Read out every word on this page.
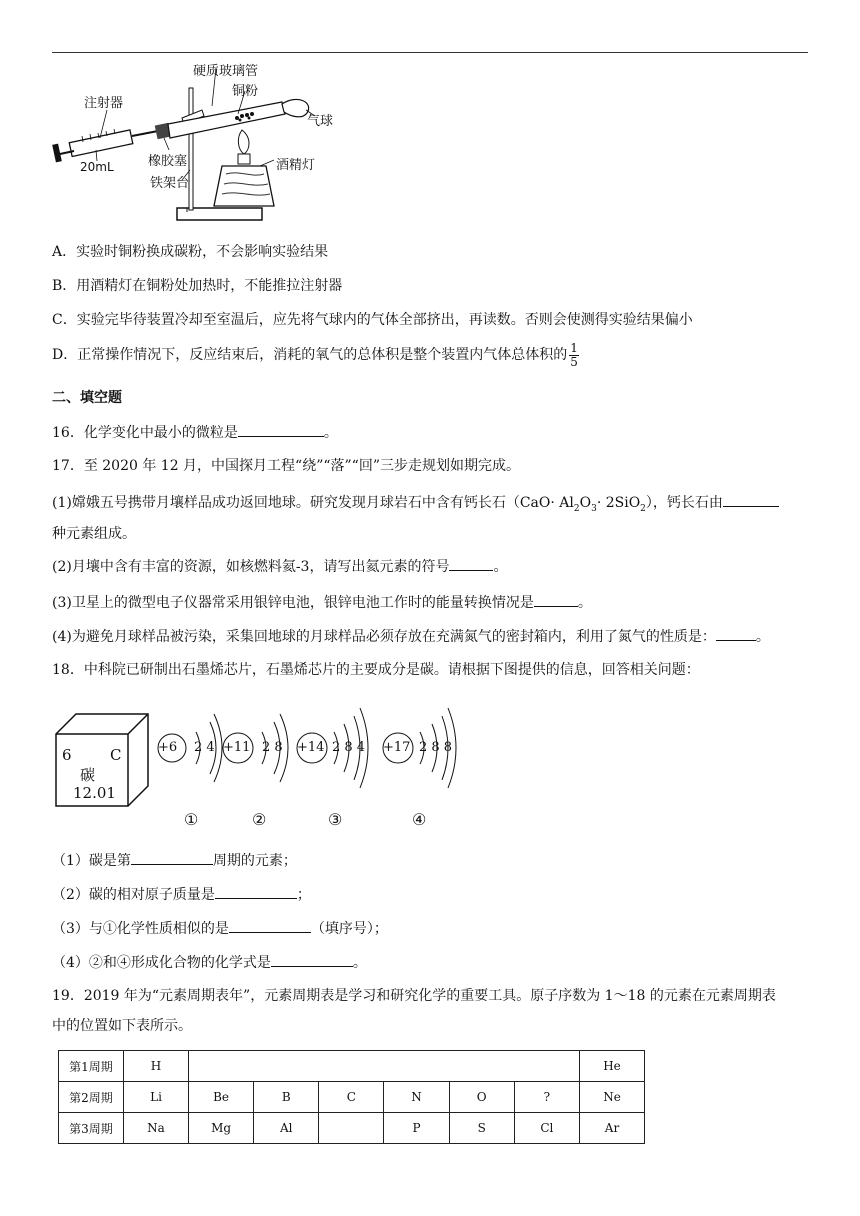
硬质玻璃管
铜粉
注射器
气球
橡胶塞	酒精灯
20mL
铁架台
A．实验时铜粉换成碳粉，不会影响实验结果
B．用酒精灯在铜粉处加热时，不能推拉注射器
C．实验完毕待装置冷却至室温后，应先将气球内的气体全部挤出，再读数。否则会使测得实验结果偏小
D．正常操作情况下，反应结束后，消耗的氧气的总体积是整个装置内气体总体积的 $\frac{1}{5}$
二、填空题
16．化学变化中最小的微粒是	。
17．至 2020 年 12 月，中国探月工程“绕”“落”“回”三步走规划如期完成。
(1)嫦娥五号携带月壤样品成功返回地球。研究发现月球岩石中含有钙长石$(CaO\cdot Al_2O_3\cdot 2SiO_2)$，钙长石由
种元素组成。
(2)月壤中含有丰富的资源，如核燃料氦-3，请写出氦元素的符号	。
(3)卫星上的微型电子仪器常采用银锌电池，银锌电池工作时的能量转换情况是	。
(4)为避免月球样品被污染，采集回地球的月球样品必须存放在充满氮气的密封箱内，利用了氮气的性质是：	。
18．中科院已研制出石墨烯芯片，石墨烯芯片的主要成分是碳。请根据下图提供的信息，回答相关问题：
6	C
碳
12.01
+6 2 4 +11 2 8 +14 2 8 4 +17 2 8 8
①	②	③	④
（1）碳是第	周期的元素；
（2）碳的相对原子质量是	；
（3）与①化学性质相似的是	（填序号）；
（4）②和④形成化合物的化学式是	。
19．2019 年为“元素周期表年”，元素周期表是学习和研究化学的重要工具。原子序数为 1～18 的元素在元素周期表
中的位置如下表所示。
第1周期	H							He
第2周期	Li	Be	B	C	N	O	?	Ne
第3周期	Na	Mg	Al		P	S	Cl	Ar
